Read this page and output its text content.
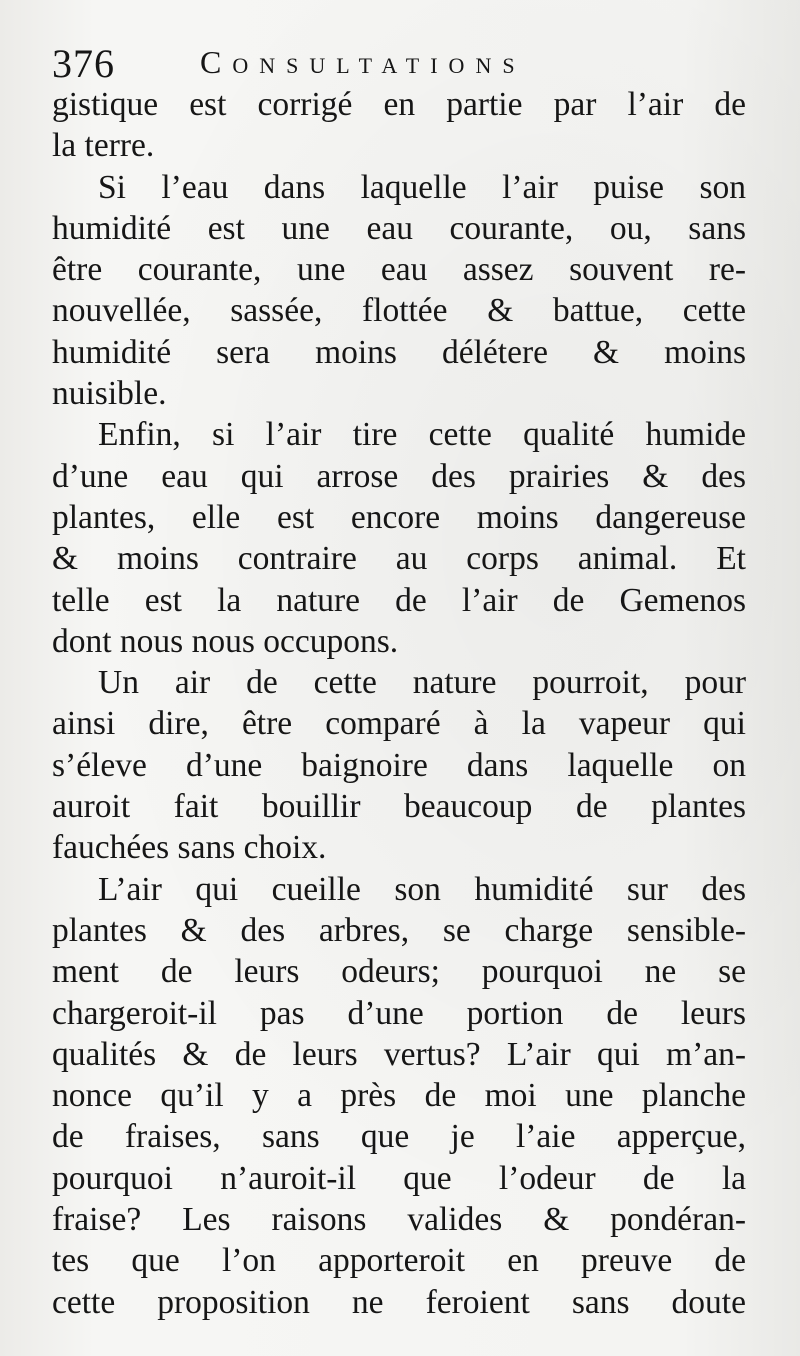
376	Consultations
gistique est corrigé en partie par l’air de
la terre.
Si l’eau dans laquelle l’air puise son
humidité est une eau courante, ou, sans
être courante, une eau assez souvent re-
nouvellée, sassée, flottée & battue, cette
humidité sera moins délétere & moins
nuisible.
Enfin, si l’air tire cette qualité humide
d’une eau qui arrose des prairies & des
plantes, elle est encore moins dangereuse
& moins contraire au corps animal. Et
telle est la nature de l’air de Gemenos
dont nous nous occupons.
Un air de cette nature pourroit, pour
ainsi dire, être comparé à la vapeur qui
s’éleve d’une baignoire dans laquelle on
auroit fait bouillir beaucoup de plantes
fauchées sans choix.
L’air qui cueille son humidité sur des
plantes & des arbres, se charge sensible-
ment de leurs odeurs; pourquoi ne se
chargeroit-il pas d’une portion de leurs
qualités & de leurs vertus? L’air qui m’an-
nonce qu’il y a près de moi une planche
de fraises, sans que je l’aie apperçue,
pourquoi n’auroit-il que l’odeur de la
fraise? Les raisons valides & pondéran-
tes que l’on apporteroit en preuve de
cette proposition ne feroient sans doute
